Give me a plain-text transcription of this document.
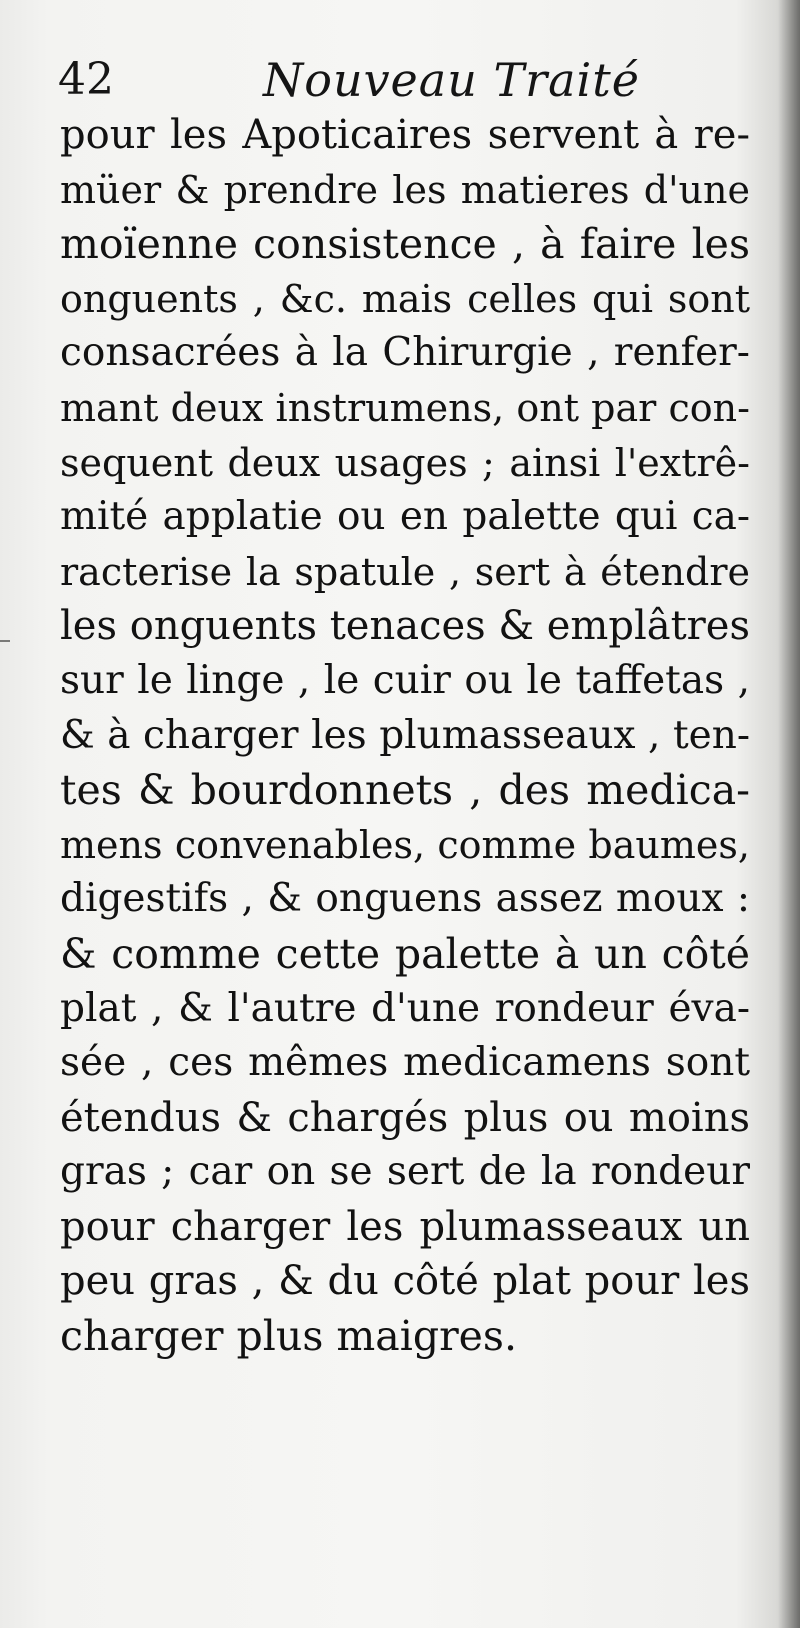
42	Nouveau Traité
pour les Apoticaires servent à re-
müer & prendre les matieres d'une
moïenne consistence , à faire les
onguents , &c. mais celles qui sont
consacrées à la Chirurgie , renfer-
mant deux instrumens, ont par con-
sequent deux usages ; ainsi l'extrê-
mité applatie ou en palette qui ca-
racterise la spatule , sert à étendre
les onguents tenaces & emplâtres
sur le linge , le cuir ou le taffetas ,
& à charger les plumasseaux , ten-
tes & bourdonnets , des medica-
mens convenables, comme baumes,
digestifs , & onguens assez moux :
& comme cette palette à un côté
plat , & l'autre d'une rondeur éva-
sée , ces mêmes medicamens sont
étendus & chargés plus ou moins
gras ; car on se sert de la rondeur
pour charger les plumasseaux un
peu gras , & du côté plat pour les
charger plus maigres.
